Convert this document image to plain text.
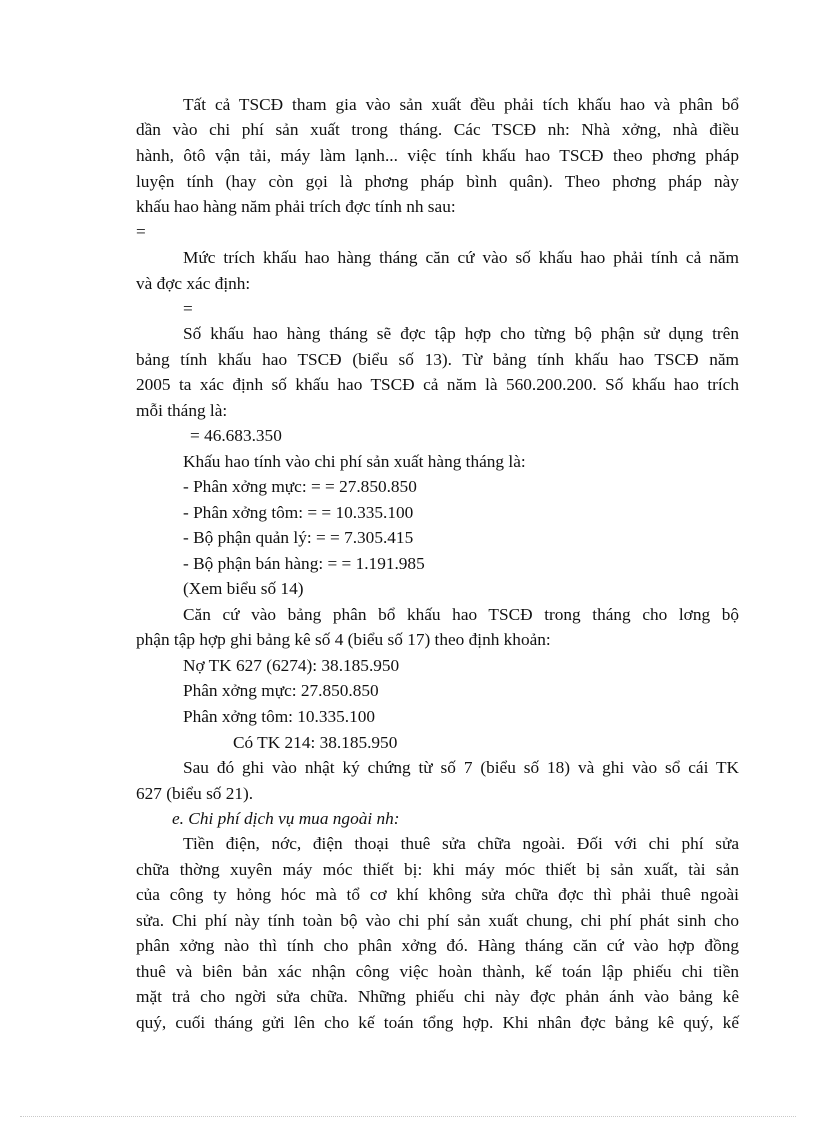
Tất cả TSCĐ tham gia vào sản xuất đều phải tích khấu hao và phân bổ
dần vào chi phí sản xuất trong tháng. Các TSCĐ nh: Nhà xởng, nhà điều
hành, ôtô vận tải, máy làm lạnh... việc tính khấu hao TSCĐ theo phơng pháp
luyện tính (hay còn gọi là phơng pháp bình quân). Theo phơng pháp này
khấu hao hàng năm phải trích đợc tính nh sau:
=
Mức trích khấu hao hàng tháng căn cứ vào số khấu hao phải tính cả năm
và đợc xác định:
=
Số khấu hao hàng tháng sẽ đợc tập hợp cho từng bộ phận sử dụng trên
bảng tính khấu hao TSCĐ (biểu số 13). Từ bảng tính khấu hao TSCĐ năm
2005 ta xác định số khấu hao TSCĐ cả năm là 560.200.200. Số khấu hao trích
mỗi tháng là:
= 46.683.350
Khấu hao tính vào chi phí sản xuất hàng tháng là:
- Phân xởng mực: = = 27.850.850
- Phân xởng tôm: = = 10.335.100
- Bộ phận quản lý: = = 7.305.415
- Bộ phận bán hàng: = = 1.191.985
(Xem biểu số 14)
Căn cứ vào bảng phân bổ khấu hao TSCĐ trong tháng cho lơng bộ
phận tập hợp ghi bảng kê số 4 (biểu số 17) theo định khoản:
Nợ TK 627 (6274): 38.185.950
Phân xởng mực: 27.850.850
Phân xởng tôm: 10.335.100
Có TK 214: 38.185.950
Sau đó ghi vào nhật ký chứng từ số 7 (biểu số 18) và ghi vào sổ cái TK
627 (biểu số 21).
e. Chi phí dịch vụ mua ngoài nh:
Tiền điện, nớc, điện thoại thuê sửa chữa ngoài. Đối với chi phí sửa
chữa thờng xuyên máy móc thiết bị: khi máy móc thiết bị sản xuất, tài sản
của công ty hỏng hóc mà tổ cơ khí không sửa chữa đợc thì phải thuê ngoài
sửa. Chi phí này tính toàn bộ vào chi phí sản xuất chung, chi phí phát sinh cho
phân xởng nào thì tính cho phân xởng đó. Hàng tháng căn cứ vào hợp đồng
thuê và biên bản xác nhận công việc hoàn thành, kế toán lập phiếu chi tiền
mặt trả cho ngời sửa chữa. Những phiếu chi này đợc phản ánh vào bảng kê
quý, cuối tháng gửi lên cho kế toán tổng hợp. Khi nhân đợc bảng kê quý, kế
